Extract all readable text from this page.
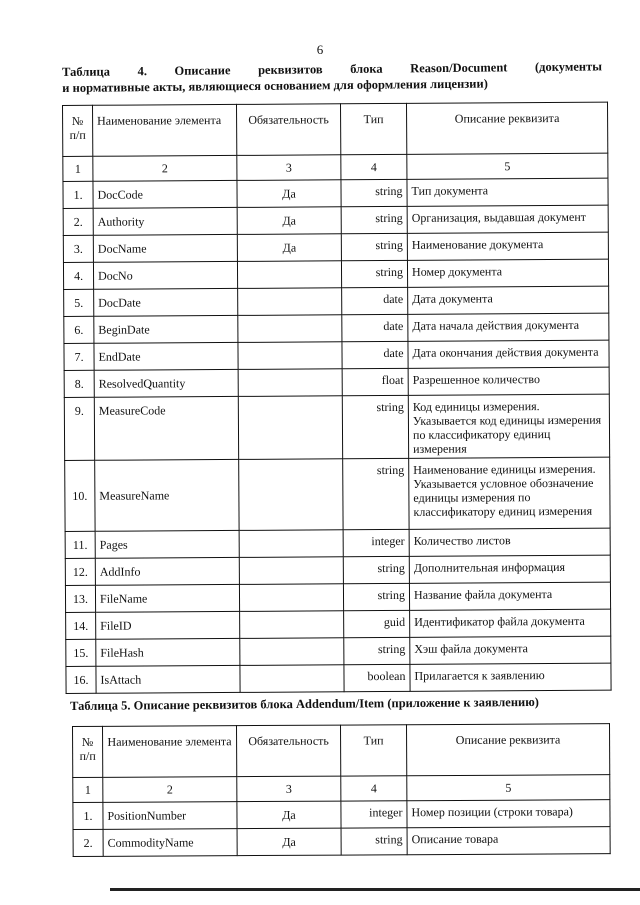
6
Таблица 4. Описание реквизитов блока Reason/Document (документы
и нормативные акты, являющиеся основанием для оформления лицензии)
№ п/п	Наименование элемента	Обязательность	Тип	Описание реквизита
1	2	3	4	5
1.	DocCode	Да	string	Тип документа
2.	Authority	Да	string	Организация, выдавшая документ
3.	DocName	Да	string	Наименование документа
4.	DocNo		string	Номер документа
5.	DocDate		date	Дата документа
6.	BeginDate		date	Дата начала действия документа
7.	EndDate		date	Дата окончания действия документа
8.	ResolvedQuantity		float	Разрешенное количество
9.	MeasureCode		string	Код единицы измерения. Указывается код единицы измерения по классификатору единиц измерения
10.	MeasureName		string	Наименование единицы измерения. Указывается условное обозначение единицы измерения по классификатору единиц измерения
11.	Pages		integer	Количество листов
12.	AddInfo		string	Дополнительная информация
13.	FileName		string	Название файла документа
14.	FileID		guid	Идентификатор файла документа
15.	FileHash		string	Хэш файла документа
16.	IsAttach		boolean	Прилагается к заявлению
Таблица 5. Описание реквизитов блока Addendum/Item (приложение к заявлению)
№ п/п	Наименование элемента	Обязательность	Тип	Описание реквизита
1	2	3	4	5
1.	PositionNumber	Да	integer	Номер позиции (строки товара)
2.	CommodityName	Да	string	Описание товара
